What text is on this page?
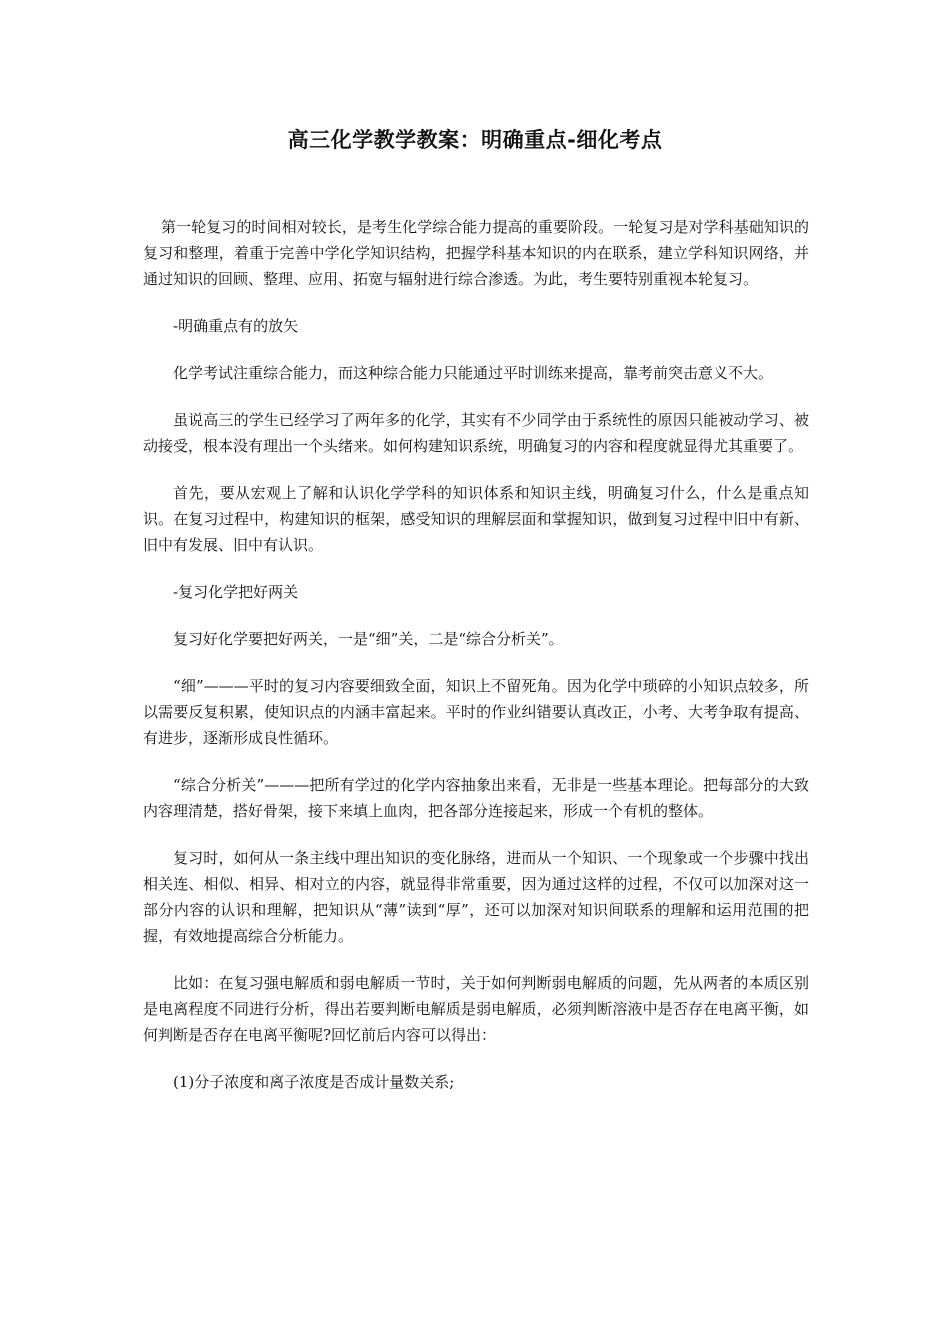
高三化学教学教案：明确重点-细化考点

第一轮复习的时间相对较长，是考生化学综合能力提高的重要阶段。一轮复习是对学科基础知识的复习和整理，着重于完善中学化学知识结构，把握学科基本知识的内在联系，建立学科知识网络，并通过知识的回顾、整理、应用、拓宽与辐射进行综合渗透。为此，考生要特别重视本轮复习。

-明确重点有的放矢

化学考试注重综合能力，而这种综合能力只能通过平时训练来提高，靠考前突击意义不大。

虽说高三的学生已经学习了两年多的化学，其实有不少同学由于系统性的原因只能被动学习、被动接受，根本没有理出一个头绪来。如何构建知识系统，明确复习的内容和程度就显得尤其重要了。

首先，要从宏观上了解和认识化学学科的知识体系和知识主线，明确复习什么，什么是重点知识。在复习过程中，构建知识的框架，感受知识的理解层面和掌握知识，做到复习过程中旧中有新、旧中有发展、旧中有认识。

-复习化学把好两关

复习好化学要把好两关，一是“细”关，二是“综合分析关”。

“细”———平时的复习内容要细致全面，知识上不留死角。因为化学中琐碎的小知识点较多，所以需要反复积累，使知识点的内涵丰富起来。平时的作业纠错要认真改正，小考、大考争取有提高、有进步，逐渐形成良性循环。

“综合分析关”———把所有学过的化学内容抽象出来看，无非是一些基本理论。把每部分的大致内容理清楚，搭好骨架，接下来填上血肉，把各部分连接起来，形成一个有机的整体。

复习时，如何从一条主线中理出知识的变化脉络，进而从一个知识、一个现象或一个步骤中找出相关连、相似、相异、相对立的内容，就显得非常重要，因为通过这样的过程，不仅可以加深对这一部分内容的认识和理解，把知识从“薄”读到“厚”，还可以加深对知识间联系的理解和运用范围的把握，有效地提高综合分析能力。

比如：在复习强电解质和弱电解质一节时，关于如何判断弱电解质的问题，先从两者的本质区别是电离程度不同进行分析，得出若要判断电解质是弱电解质，必须判断溶液中是否存在电离平衡，如何判断是否存在电离平衡呢?回忆前后内容可以得出：

(1)分子浓度和离子浓度是否成计量数关系;
